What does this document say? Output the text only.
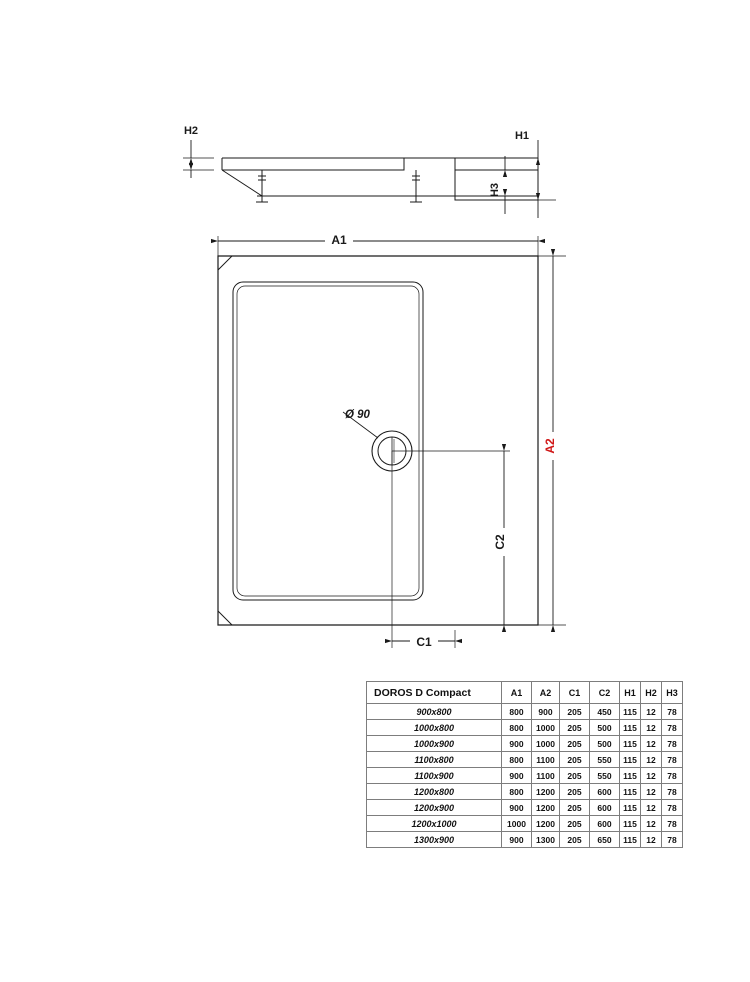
H2	H1
H3
Ø 90
A1
A2
C2
C1
DOROS D Compact	A1	A2	C1	C2	H1	H2	H3
900x800	800	900	205	450	115	12	78
1000x800	800	1000	205	500	115	12	78
1000x900	900	1000	205	500	115	12	78
1100x800	800	1100	205	550	115	12	78
1100x900	900	1100	205	550	115	12	78
1200x800	800	1200	205	600	115	12	78
1200x900	900	1200	205	600	115	12	78
1200x1000	1000	1200	205	600	115	12	78
1300x900	900	1300	205	650	115	12	78
